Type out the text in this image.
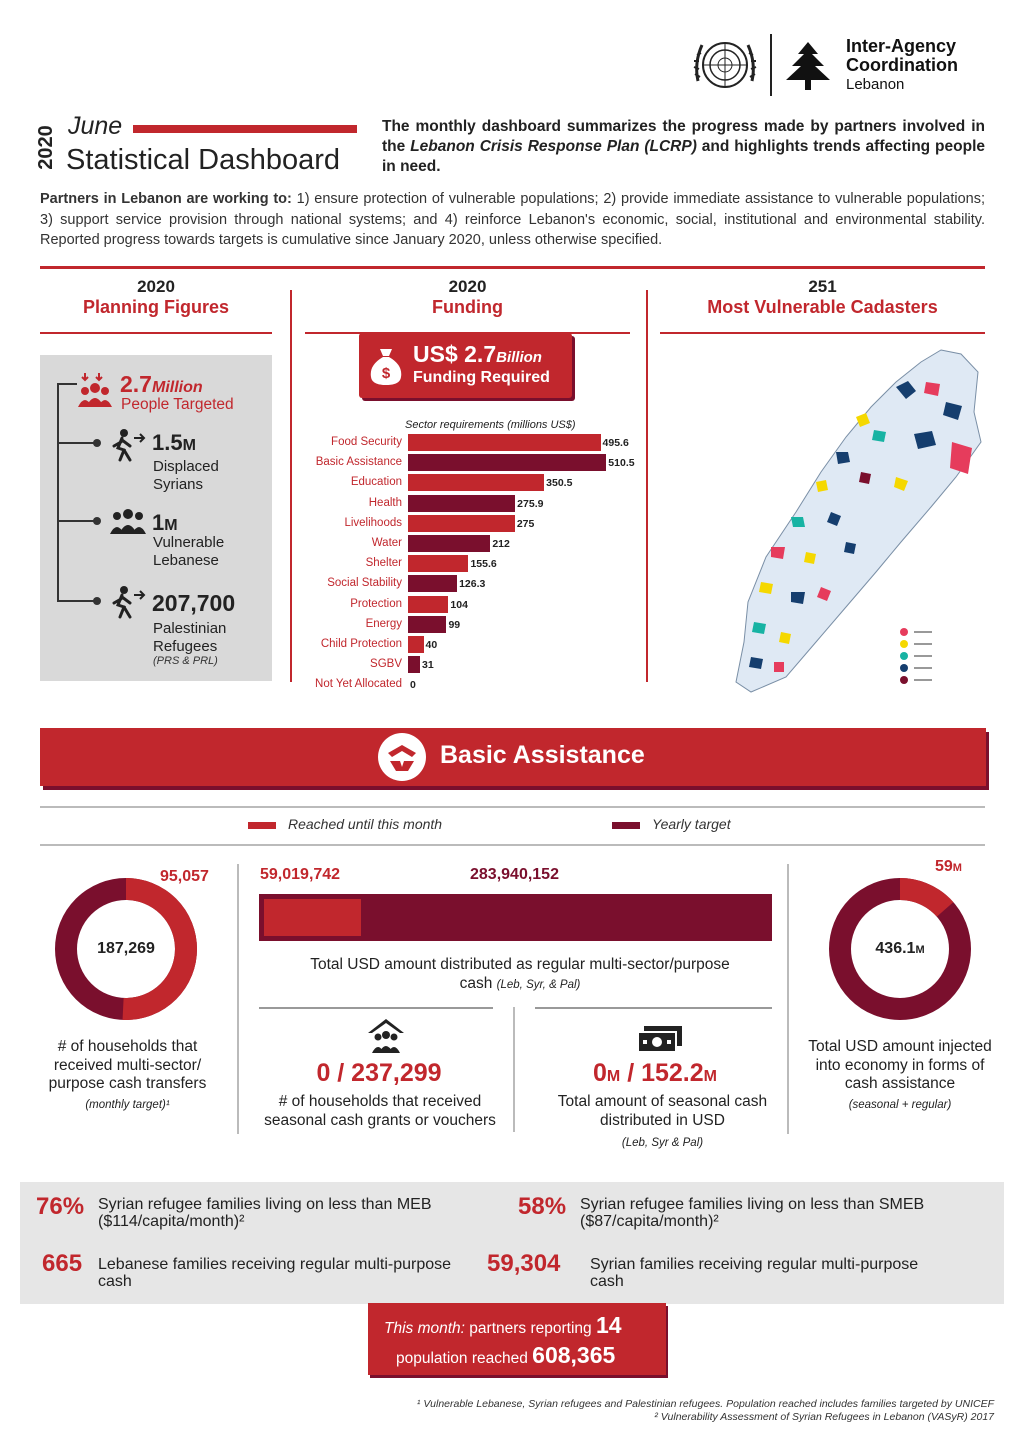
Inter-Agency
Coordination
Lebanon
2020 June
Statistical Dashboard
The monthly dashboard summarizes the progress made by partners involved in the Lebanon Crisis Response Plan (LCRP) and highlights trends affecting people in need.
Partners in Lebanon are working to: 1) ensure protection of vulnerable populations; 2) provide immediate assistance to vulnerable populations; 3) support service provision through national systems; and 4) reinforce Lebanon's economic, social, institutional and environmental stability. Reported progress towards targets is cumulative since January 2020, unless otherwise specified.
2020
Planning Figures
2.7Million
People Targeted
1.5M
Displaced Syrians
1M
Vulnerable Lebanese
207,700
Palestinian Refugees
(PRS & PRL)
2020
Funding
$
US$ 2.7Billion
Funding Required
Sector requirements (millions US$)
Food Security	495.6
Basic Assistance	510.5
Education	350.5
Health	275.9
Livelihoods	275
Water	212
Shelter	155.6
Social Stability	126.3
Protection	104
Energy	99
Child Protection 40
SGBV 31
Not Yet Allocated 0
251
Most Vulnerable Cadasters
Basic Assistance
Reached until this month	Yearly target
95,057
187,269
# of households that received multi-sector/ purpose cash transfers
(monthly target)¹
59,019,742	283,940,152
Total USD amount distributed as regular multi-sector/purpose cash (Leb, Syr, & Pal)
0 / 237,299
# of households that received seasonal cash grants or vouchers
0M / 152.2M
Total amount of seasonal cash distributed in USD
(Leb, Syr & Pal)
59M
436.1M
Total USD amount injected into economy in forms of cash assistance
(seasonal + regular)
76% Syrian refugee families living on less than MEB ($114/capita/month)²
58% Syrian refugee families living on less than SMEB ($87/capita/month)²
665 Lebanese families receiving regular multi-purpose cash
59,304 Syrian families receiving regular multi-purpose cash
This month: partners reporting 14
population reached 608,365
¹ Vulnerable Lebanese, Syrian refugees and Palestinian refugees. Population reached includes families targeted by UNICEF
² Vulnerability Assessment of Syrian Refugees in Lebanon (VASyR) 2017
